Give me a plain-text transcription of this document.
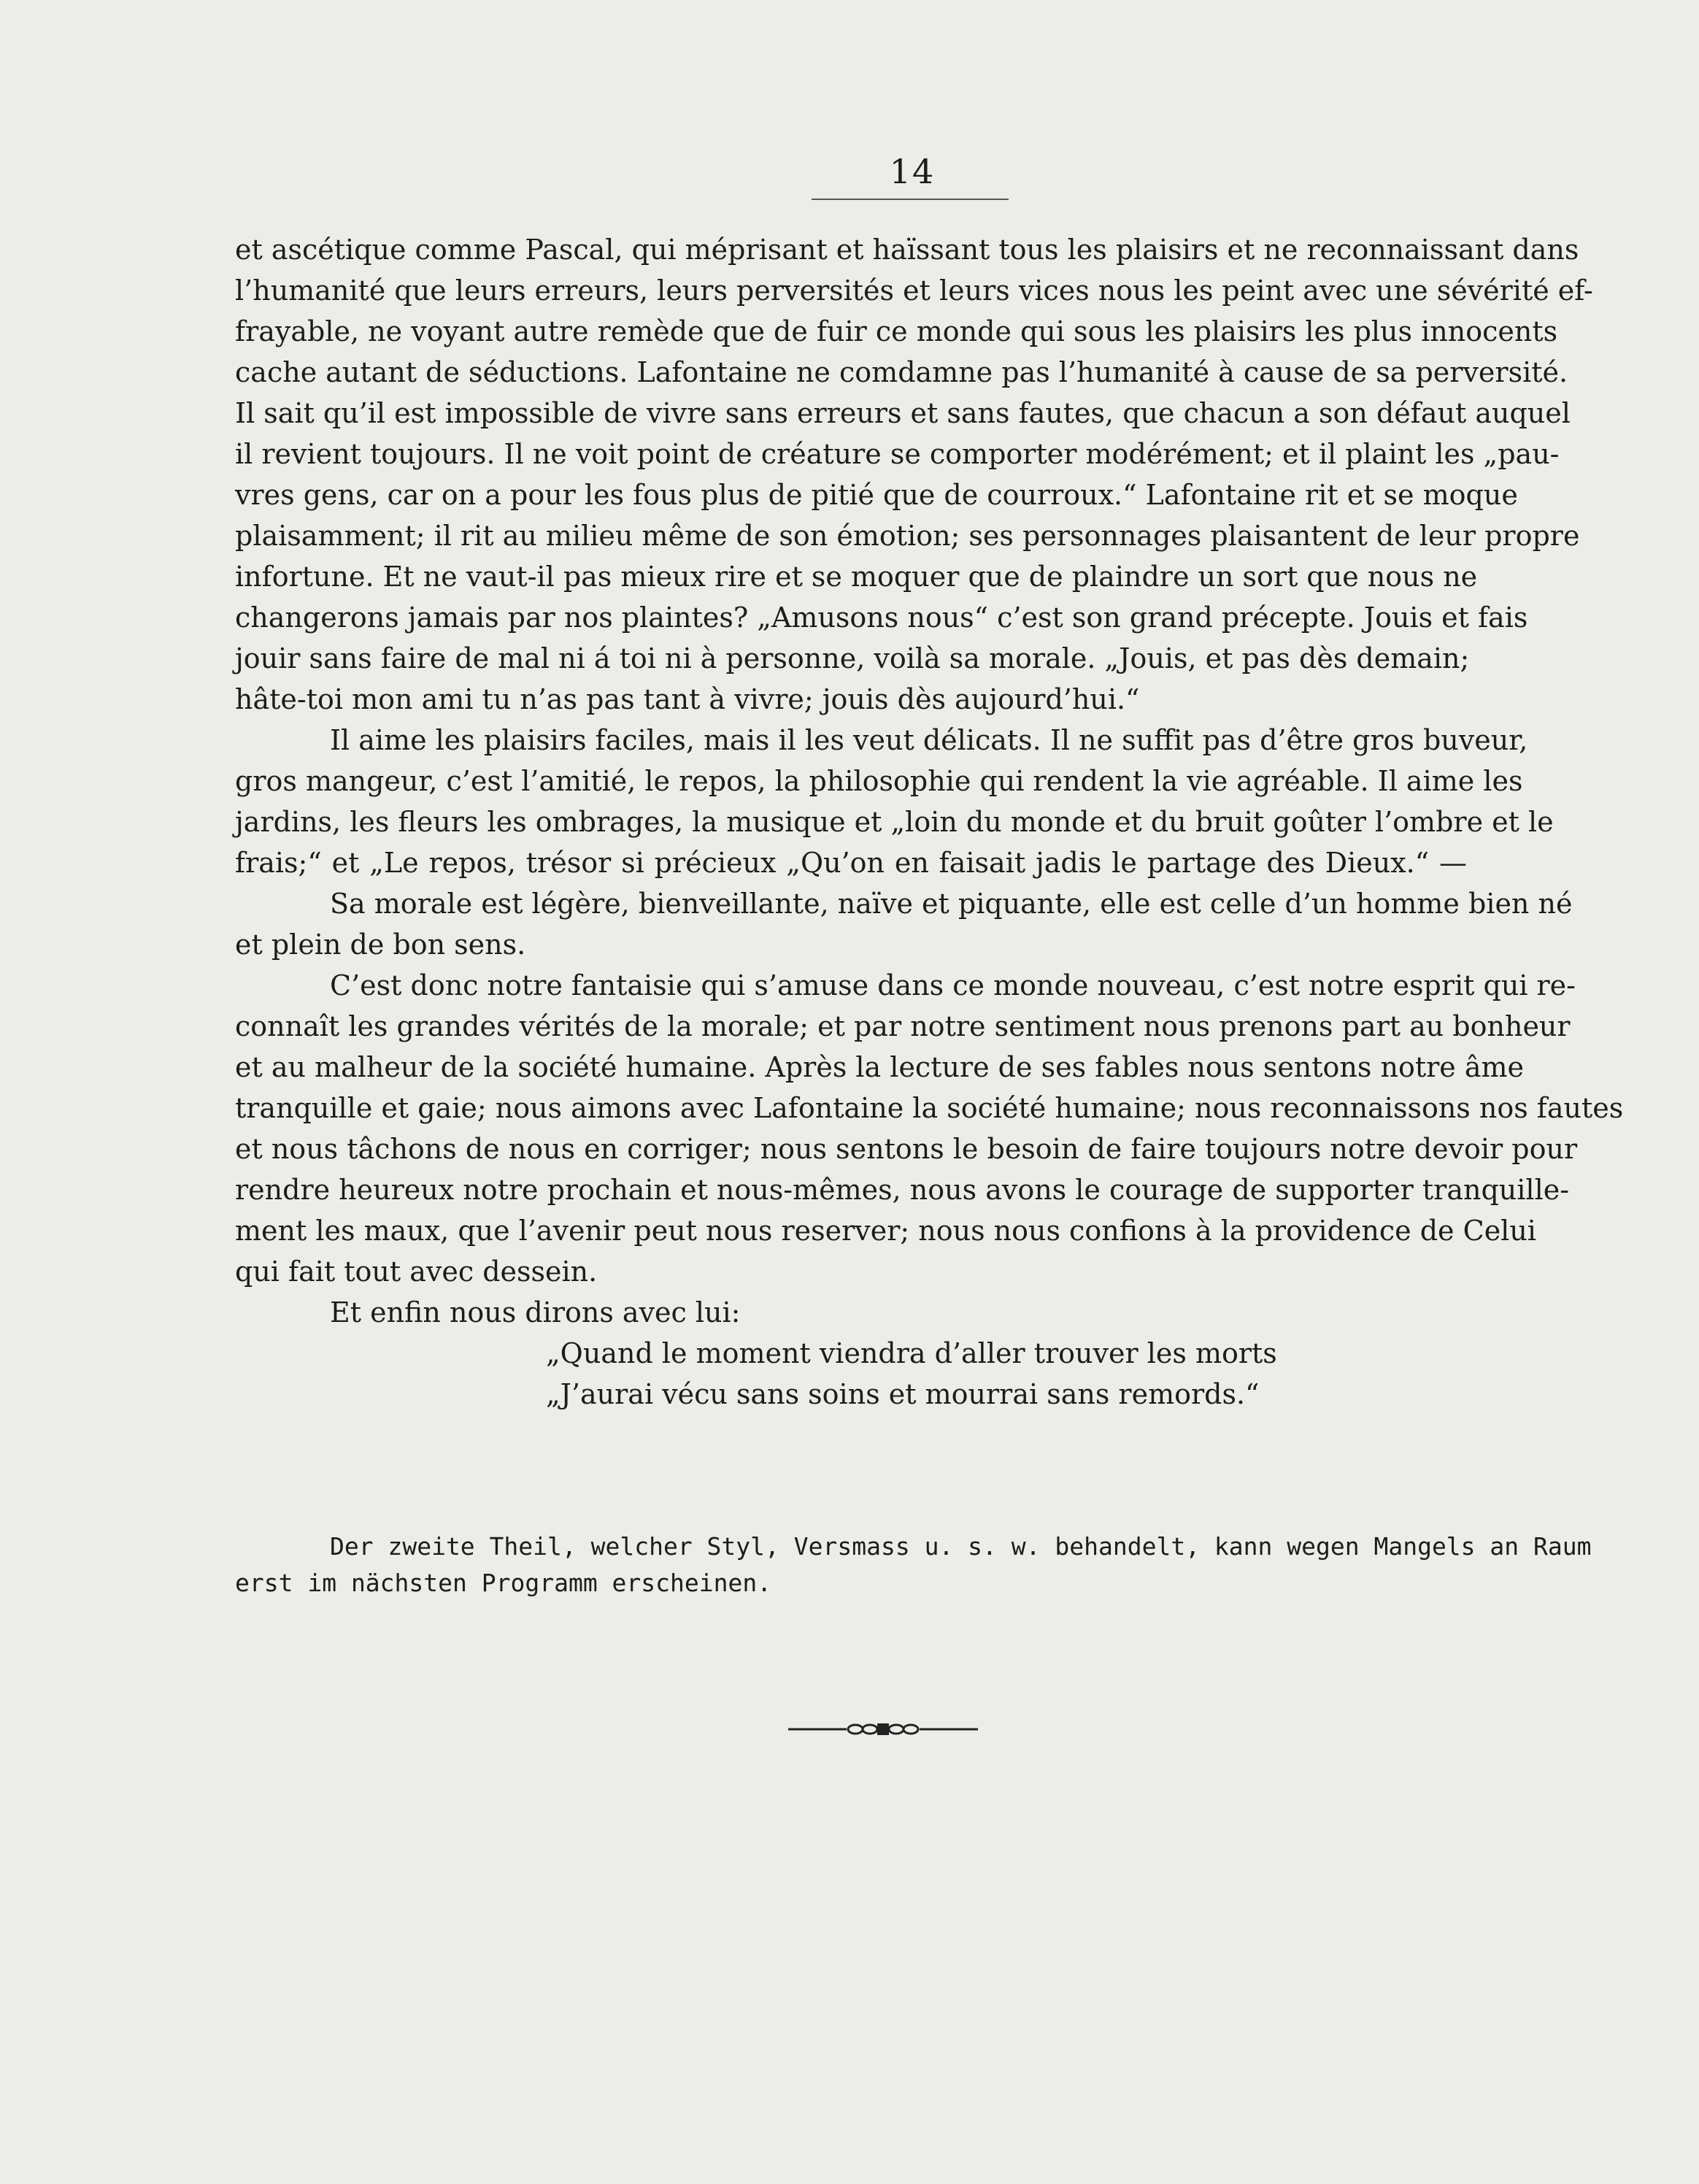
14
et ascétique comme Pascal, qui méprisant et haïssant tous les plaisirs et ne reconnaissant dans
l’humanité que leurs erreurs, leurs perversités et leurs vices nous les peint avec une sévérité ef-
frayable, ne voyant autre remède que de fuir ce monde qui sous les plaisirs les plus innocents
cache autant de séductions. Lafontaine ne comdamne pas l’humanité à cause de sa perversité.
Il sait qu’il est impossible de vivre sans erreurs et sans fautes, que chacun a son défaut auquel
il revient toujours. Il ne voit point de créature se comporter modérément; et il plaint les „pau-
vres gens, car on a pour les fous plus de pitié que de courroux.“ Lafontaine rit et se moque
plaisamment; il rit au milieu même de son émotion; ses personnages plaisantent de leur propre
infortune. Et ne vaut-il pas mieux rire et se moquer que de plaindre un sort que nous ne
changerons jamais par nos plaintes? „Amusons nous“ c’est son grand précepte. Jouis et fais
jouir sans faire de mal ni á toi ni à personne, voilà sa morale. „Jouis, et pas dès demain;
hâte-toi mon ami tu n’as pas tant à vivre; jouis dès aujourd’hui.“
Il aime les plaisirs faciles, mais il les veut délicats. Il ne suffit pas d’être gros buveur,
gros mangeur, c’est l’amitié, le repos, la philosophie qui rendent la vie agréable. Il aime les
jardins, les fleurs les ombrages, la musique et „loin du monde et du bruit goûter l’ombre et le
frais;“ et „Le repos, trésor si précieux „Qu’on en faisait jadis le partage des Dieux.“ —
Sa morale est légère, bienveillante, naïve et piquante, elle est celle d’un homme bien né
et plein de bon sens.
C’est donc notre fantaisie qui s’amuse dans ce monde nouveau, c’est notre esprit qui re-
connaît les grandes vérités de la morale; et par notre sentiment nous prenons part au bonheur
et au malheur de la société humaine. Après la lecture de ses fables nous sentons notre âme
tranquille et gaie; nous aimons avec Lafontaine la société humaine; nous reconnaissons nos fautes
et nous tâchons de nous en corriger; nous sentons le besoin de faire toujours notre devoir pour
rendre heureux notre prochain et nous-mêmes, nous avons le courage de supporter tranquille-
ment les maux, que l’avenir peut nous reserver; nous nous confions à la providence de Celui
qui fait tout avec dessein.
Et enfin nous dirons avec lui:
„Quand le moment viendra d’aller trouver les morts
„J’aurai vécu sans soins et mourrai sans remords.“
Der zweite Theil, welcher Styl, Versmass u. s. w. behandelt, kann wegen Mangels an Raum
erst im nächsten Programm erscheinen.
